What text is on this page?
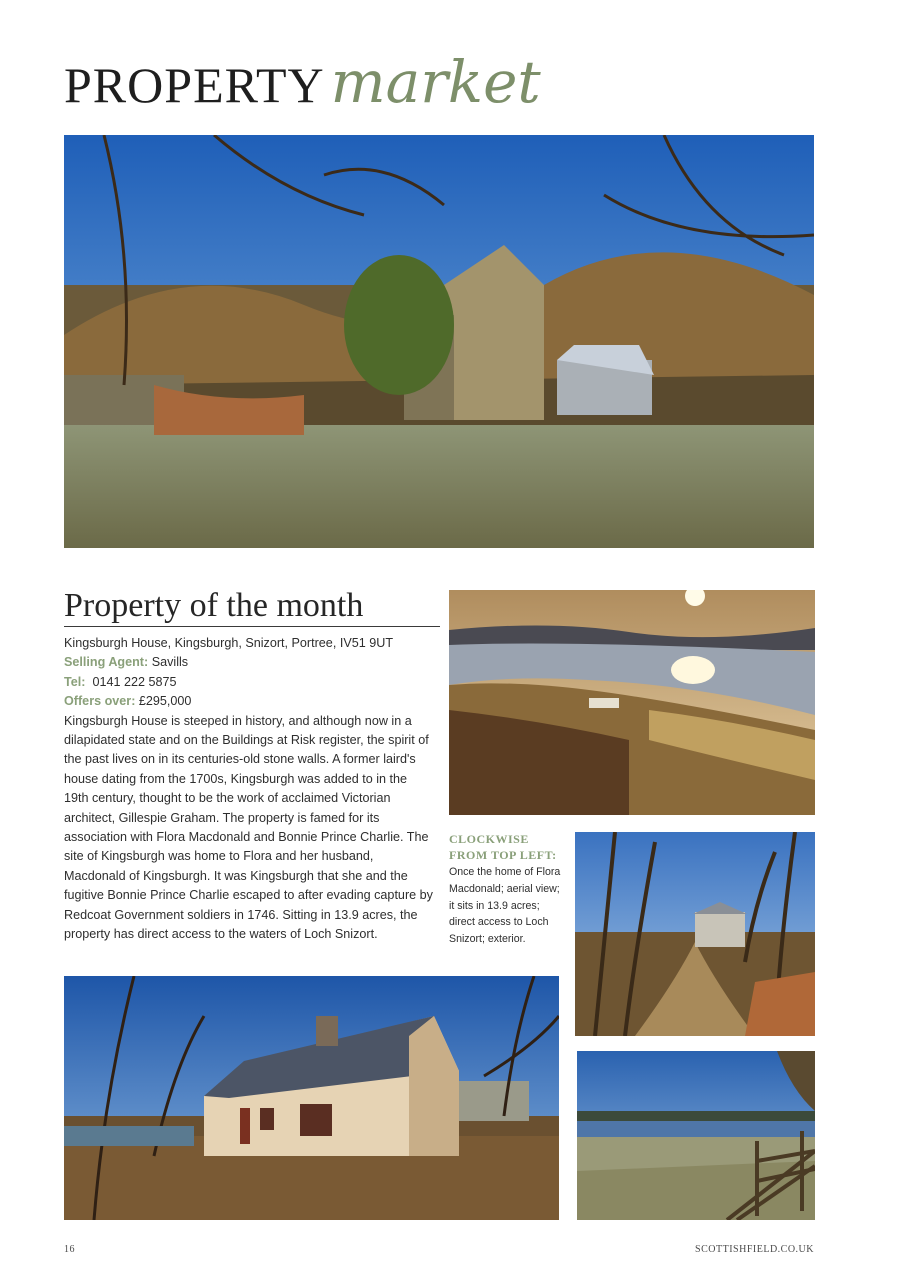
PROPERTY market
Property of the month

Kingsburgh House, Kingsburgh, Snizort, Portree, IV51 9UT

Selling Agent: Savills

Tel: 0141 222 5875

Offers over: £295,000

Kingsburgh House is steeped in history, and although now in a dilapidated state and on the Buildings at Risk register, the spirit of the past lives on in its centuries-old stone walls. A former laird's house dating from the 1700s, Kingsburgh was added to in the 19th century, thought to be the work of acclaimed Victorian architect, Gillespie Graham. The property is famed for its association with Flora Macdonald and Bonnie Prince Charlie. The site of Kingsburgh was home to Flora and her husband, Macdonald of Kingsburgh. It was Kingsburgh that she and the fugitive Bonnie Prince Charlie escaped to after evading capture by Redcoat Government soldiers in 1746. Sitting in 13.9 acres, the property has direct access to the waters of Loch Snizort.

CLOCKWISE FROM TOP LEFT:
Once the home of Flora Macdonald; aerial view; it sits in 13.9 acres; direct access to Loch Snizort; exterior.
16	SCOTTISHFIELD.CO.UK
